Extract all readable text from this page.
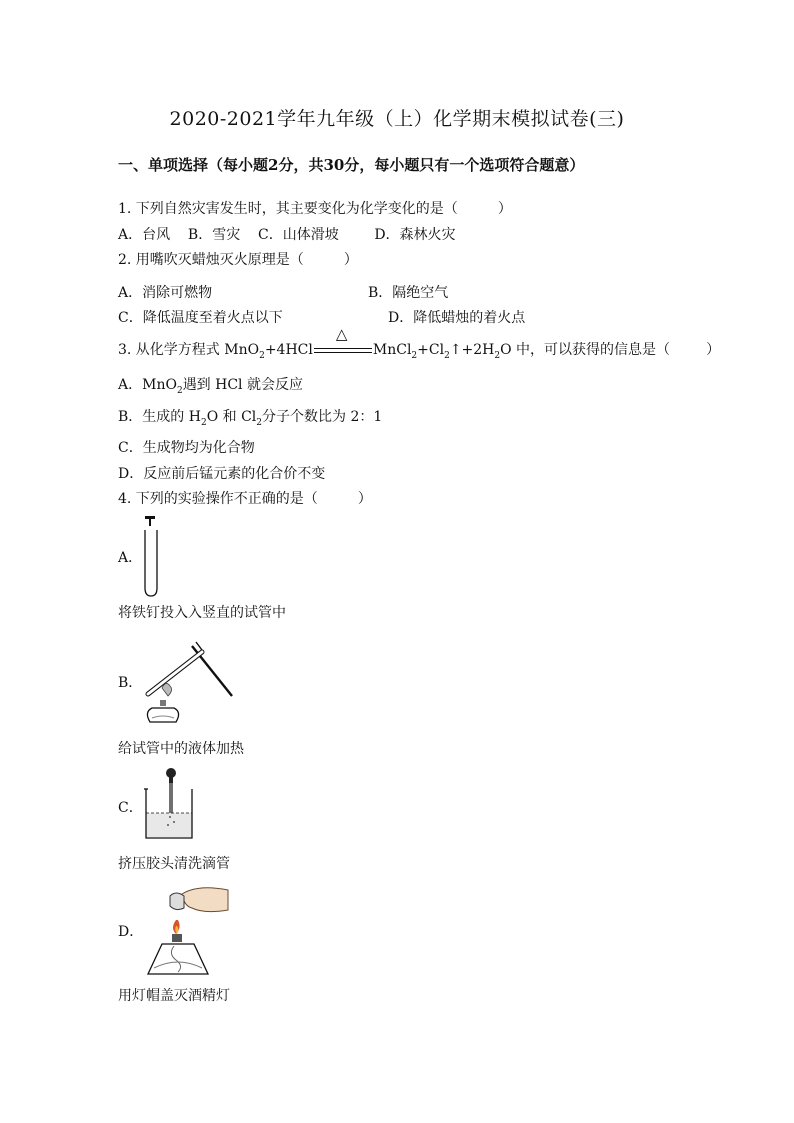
2020-2021学年九年级（上）化学期末模拟试卷(三)
一、单项选择（每小题2分，共30分，每小题只有一个选项符合题意）
1. 下列自然灾害发生时，其主要变化为化学变化的是（	）
A．台风    B．雪灾    C．山体滑坡        D．森林火灾
2. 用嘴吹灭蜡烛灭火原理是（	）
A．消除可燃物	B．隔绝空气
C．降低温度至着火点以下	D．降低蜡烛的着火点
3. 从化学方程式 MnO$_2$+4HCl
△
$MnCl_2+Cl_2↑+2H_2O$ 中，可以获得的信息是（	）
A．MnO$_2$遇到 HCl 就会反应
B．生成的 $H_2O$ 和 $Cl_2$分子个数比为 2：1
C．生成物均为化合物
D．反应前后锰元素的化合价不变
4. 下列的实验操作不正确的是（	）
A．
将铁钉投入入竖直的试管中
B．
给试管中的液体加热
C．
挤压胶头清洗滴管
D．
用灯帽盖灭酒精灯
